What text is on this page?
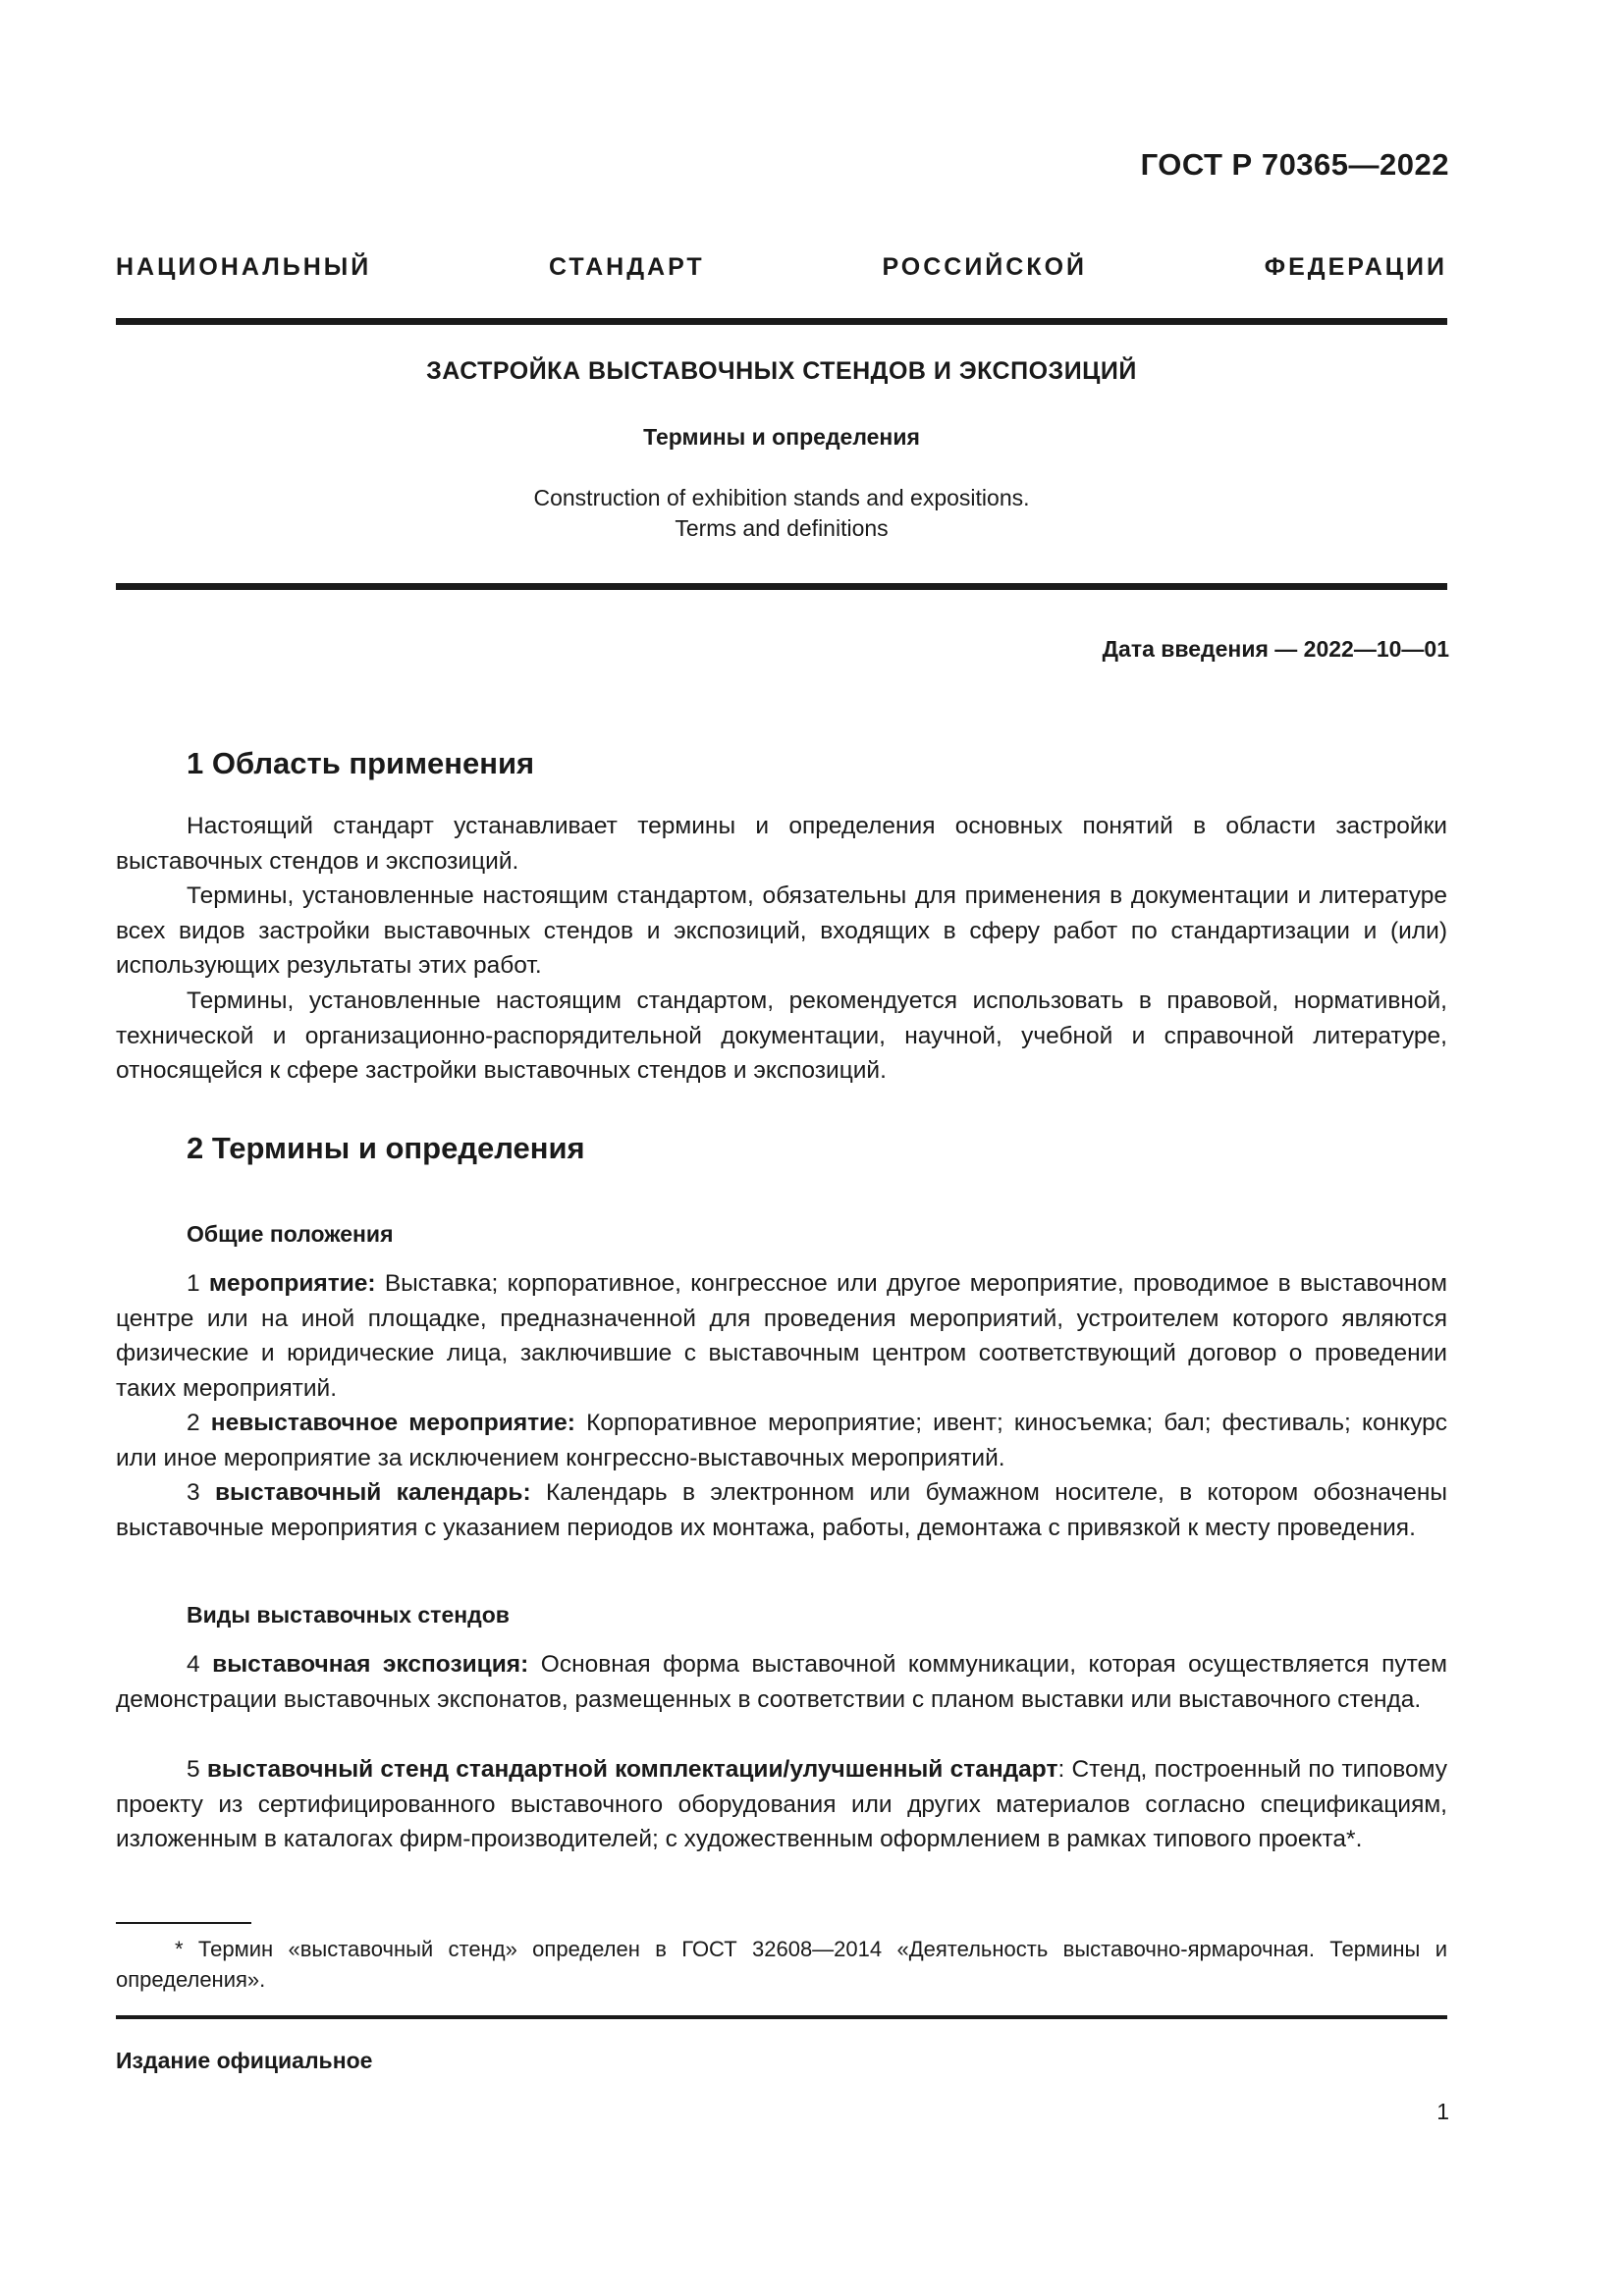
ГОСТ Р 70365—2022
НАЦИОНАЛЬНЫЙ СТАНДАРТ РОССИЙСКОЙ ФЕДЕРАЦИИ
ЗАСТРОЙКА ВЫСТАВОЧНЫХ СТЕНДОВ И ЭКСПОЗИЦИЙ
Термины и определения
Construction of exhibition stands and expositions.
Terms and definitions
Дата введения — 2022—10—01
1 Область применения

Настоящий стандарт устанавливает термины и определения основных понятий в области застройки выставочных стендов и экспозиций.

Термины, установленные настоящим стандартом, обязательны для применения в документации и литературе всех видов застройки выставочных стендов и экспозиций, входящих в сферу работ по стандартизации и (или) использующих результаты этих работ.

Термины, установленные настоящим стандартом, рекомендуется использовать в правовой, нормативной, технической и организационно-распорядительной документации, научной, учебной и справочной литературе, относящейся к сфере застройки выставочных стендов и экспозиций.

2 Термины и определения
Общие положения

1 мероприятие: Выставка; корпоративное, конгрессное или другое мероприятие, проводимое в выставочном центре или на иной площадке, предназначенной для проведения мероприятий, устроителем которого являются физические и юридические лица, заключившие с выставочным центром соответствующий договор о проведении таких мероприятий.

2 невыставочное мероприятие: Корпоративное мероприятие; ивент; киносъемка; бал; фестиваль; конкурс или иное мероприятие за исключением конгрессно-выставочных мероприятий.

3 выставочный календарь: Календарь в электронном или бумажном носителе, в котором обозначены выставочные мероприятия с указанием периодов их монтажа, работы, демонтажа с привязкой к месту проведения.

Виды выставочных стендов

4 выставочная экспозиция: Основная форма выставочной коммуникации, которая осуществляется путем демонстрации выставочных экспонатов, размещенных в соответствии с планом выставки или выставочного стенда.

5 выставочный стенд стандартной комплектации/улучшенный стандарт: Стенд, построенный по типовому проекту из сертифицированного выставочного оборудования или других материалов согласно спецификациям, изложенным в каталогах фирм-производителей; с художественным оформлением в рамках типового проекта*.

* Термин «выставочный стенд» определен в ГОСТ 32608—2014 «Деятельность выставочно-ярмарочная. Термины и определения».

Издание официальное
1
